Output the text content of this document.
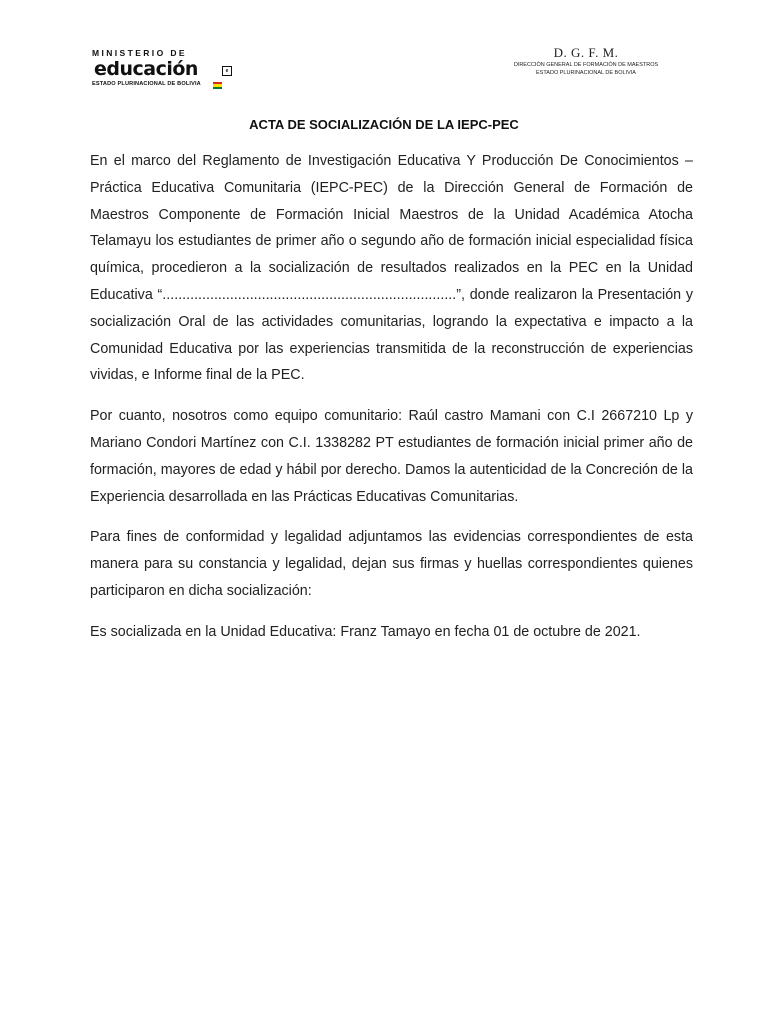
MINISTERIO DE
educación	e
ESTADO PLURINACIONAL DE BOLIVIA
D. G. F. M.
DIRECCIÓN GENERAL DE FORMACIÓN DE MAESTROS
ESTADO PLURINACIONAL DE BOLIVIA
ACTA DE SOCIALIZACIÓN DE LA IEPC-PEC

En el marco del Reglamento de Investigación Educativa Y Producción De Conocimientos – Práctica Educativa Comunitaria (IEPC-PEC) de la Dirección General de Formación de Maestros Componente de Formación Inicial Maestros de la Unidad Académica Atocha Telamayu los estudiantes de primer año o segundo año de formación inicial especialidad física química, procedieron a la socialización de resultados realizados en la PEC en la Unidad Educativa “..........................................................................”, donde realizaron la Presentación y socialización Oral de las actividades comunitarias, logrando la expectativa e impacto a la Comunidad Educativa por las experiencias transmitida de la reconstrucción de experiencias vividas, e Informe final de la PEC.

Por cuanto, nosotros como equipo comunitario: Raúl castro Mamani con C.I 2667210 Lp y Mariano Condori Martínez con C.I. 1338282 PT estudiantes de formación inicial primer año de formación, mayores de edad y hábil por derecho. Damos la autenticidad de la Concreción de la Experiencia desarrollada en las Prácticas Educativas Comunitarias.

Para fines de conformidad y legalidad adjuntamos las evidencias correspondientes de esta manera para su constancia y legalidad, dejan sus firmas y huellas correspondientes quienes participaron en dicha socialización:

Es socializada en la Unidad Educativa: Franz Tamayo en fecha 01 de octubre de 2021.
